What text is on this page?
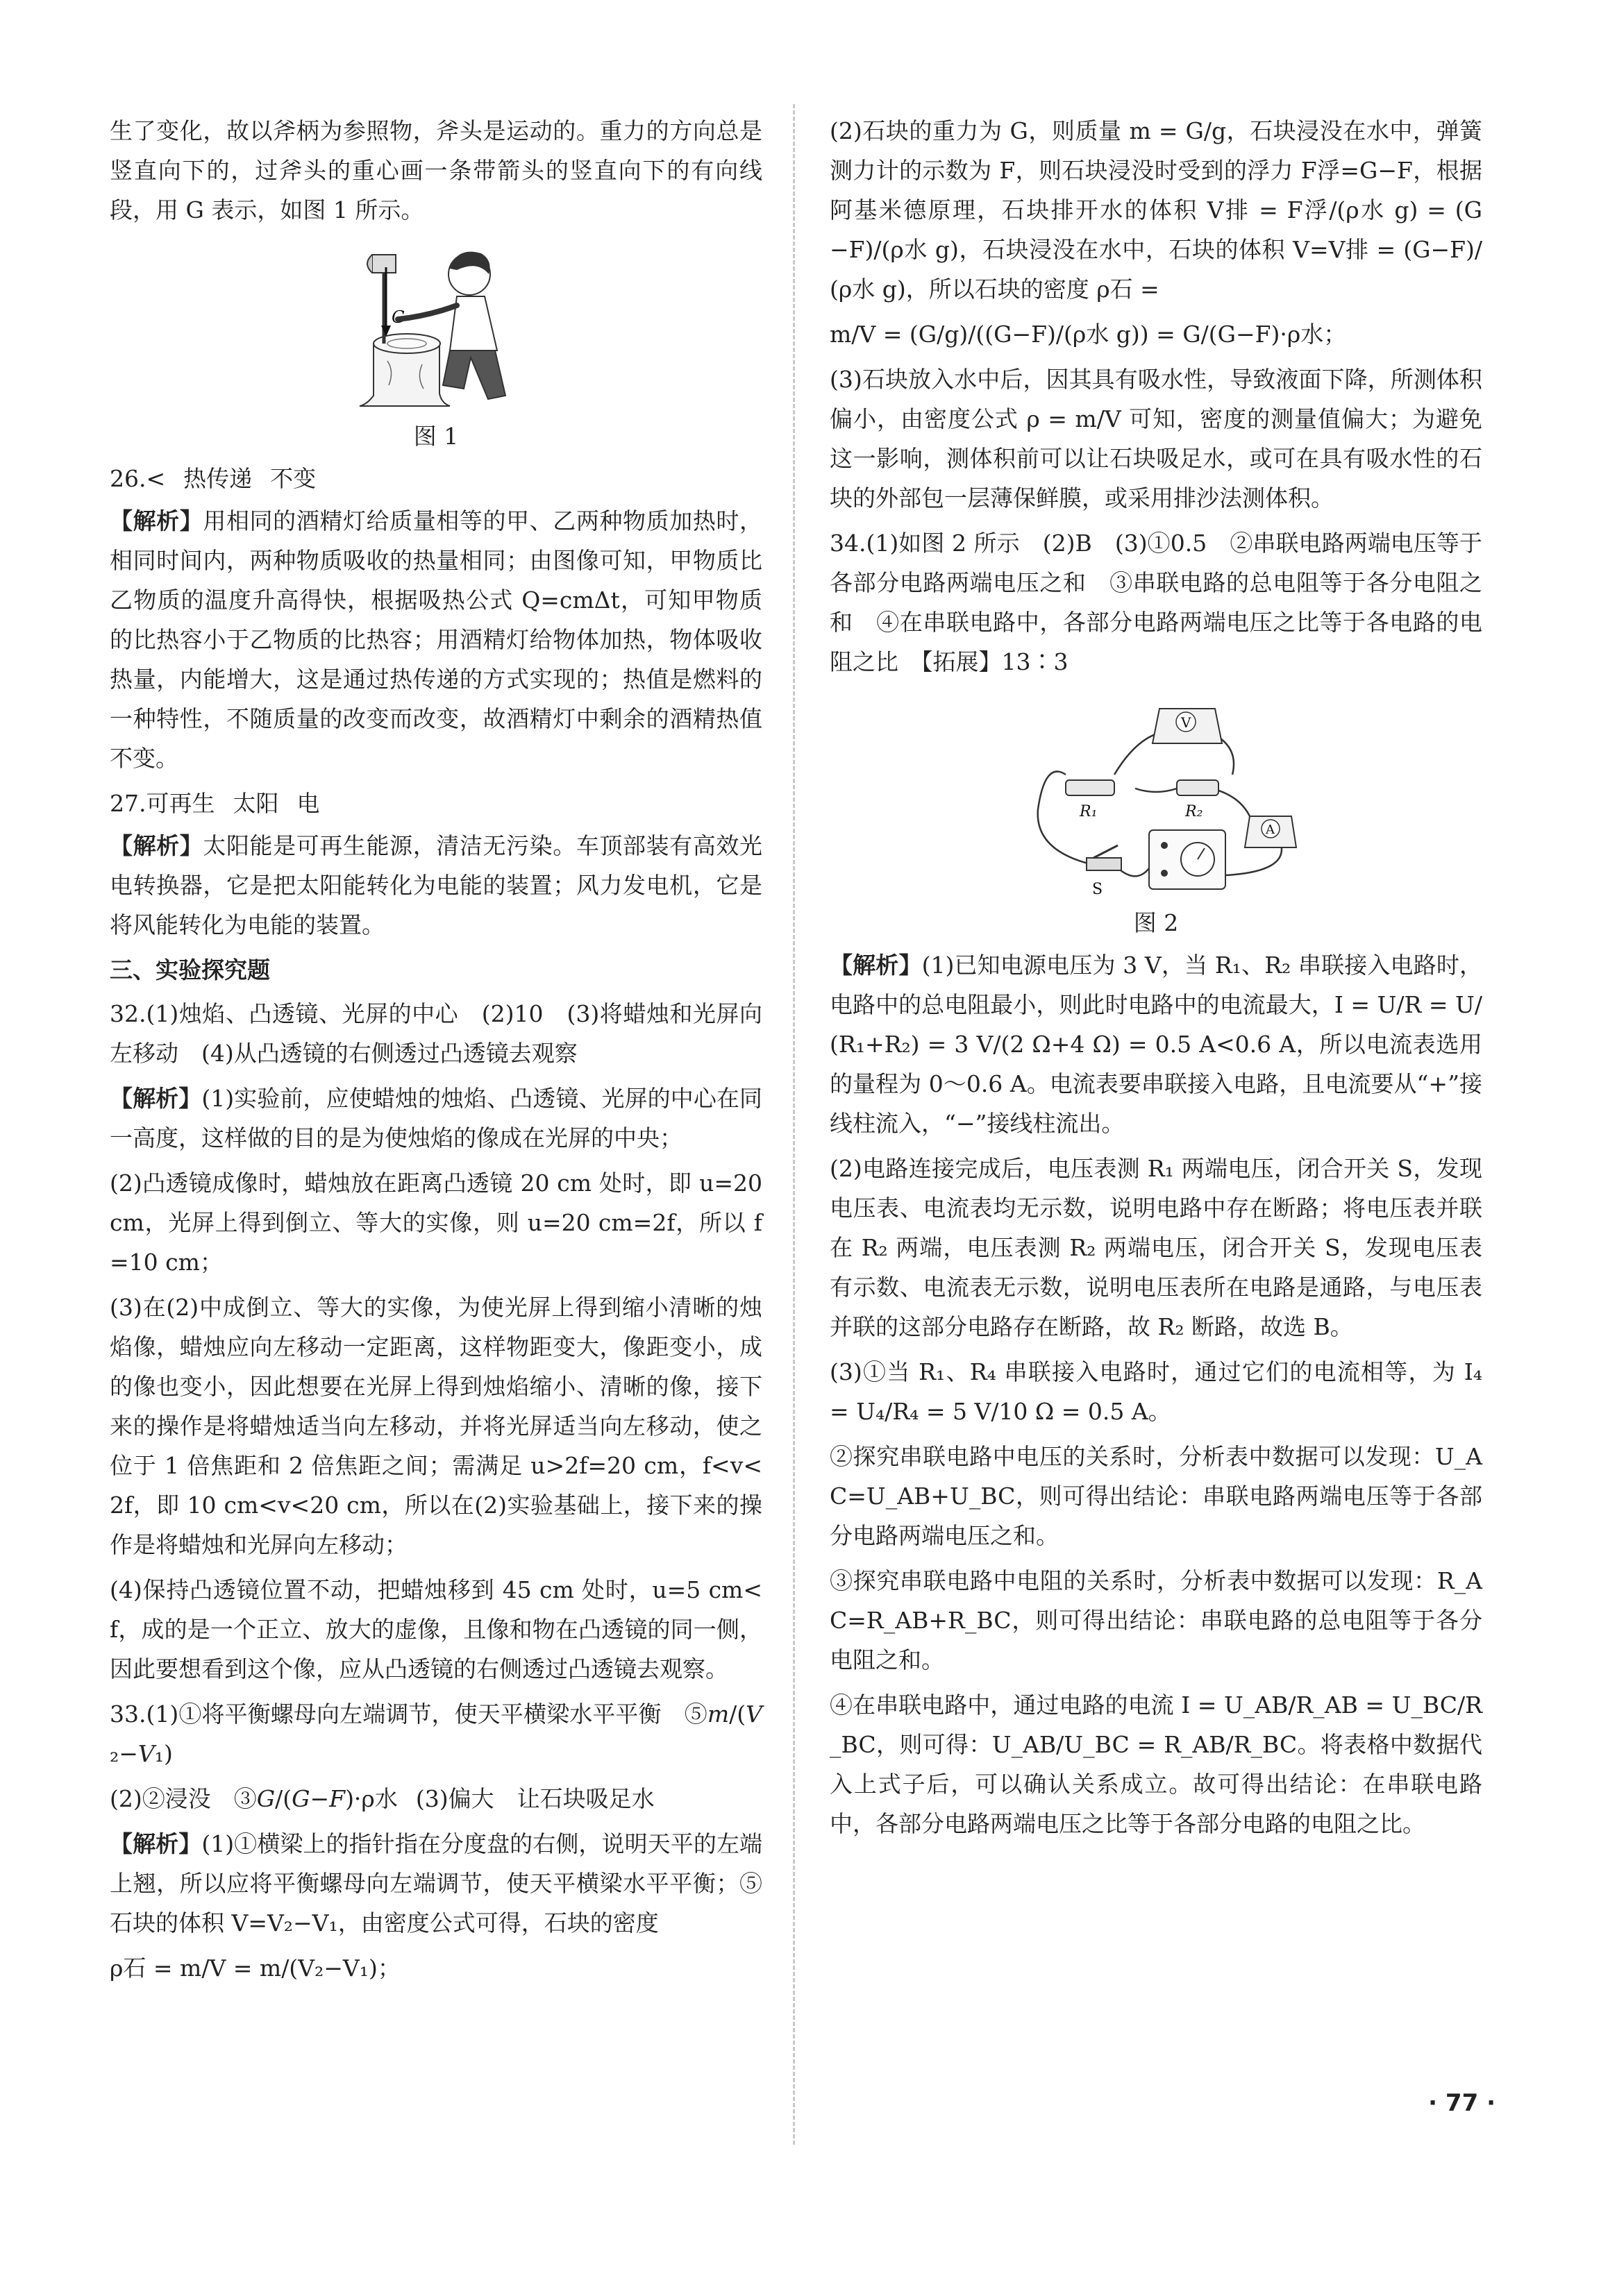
生了变化，故以斧柄为参照物，斧头是运动的。重力的方向总是竖直向下的，过斧头的重心画一条带箭头的竖直向下的有向线段，用 G 表示，如图 1 所示。

G
图 1
26.< 热传递 不变

【解析】用相同的酒精灯给质量相等的甲、乙两种物质加热时，相同时间内，两种物质吸收的热量相同；由图像可知，甲物质比乙物质的温度升高得快，根据吸热公式 Q=cmΔt，可知甲物质的比热容小于乙物质的比热容；用酒精灯给物体加热，物体吸收热量，内能增大，这是通过热传递的方式实现的；热值是燃料的一种特性，不随质量的改变而改变，故酒精灯中剩余的酒精热值不变。

27.可再生 太阳 电

【解析】太阳能是可再生能源，清洁无污染。车顶部装有高效光电转换器，它是把太阳能转化为电能的装置；风力发电机，它是将风能转化为电能的装置。

三、实验探究题

32.(1)烛焰、凸透镜、光屏的中心　(2)10　(3)将蜡烛和光屏向左移动　(4)从凸透镜的右侧透过凸透镜去观察

【解析】(1)实验前，应使蜡烛的烛焰、凸透镜、光屏的中心在同一高度，这样做的目的是为使烛焰的像成在光屏的中央；

(2)凸透镜成像时，蜡烛放在距离凸透镜 20 cm 处时，即 u=20 cm，光屏上得到倒立、等大的实像，则 u=20 cm=2f，所以 f=10 cm；

(3)在(2)中成倒立、等大的实像，为使光屏上得到缩小清晰的烛焰像，蜡烛应向左移动一定距离，这样物距变大，像距变小，成的像也变小，因此想要在光屏上得到烛焰缩小、清晰的像，接下来的操作是将蜡烛适当向左移动，并将光屏适当向左移动，使之位于 1 倍焦距和 2 倍焦距之间；需满足 u>2f=20 cm，f<v<2f，即 10 cm<v<20 cm，所以在(2)实验基础上，接下来的操作是将蜡烛和光屏向左移动；

(4)保持凸透镜位置不动，把蜡烛移到 45 cm 处时，u=5 cm<f，成的是一个正立、放大的虚像，且像和物在凸透镜的同一侧，因此要想看到这个像，应从凸透镜的右侧透过凸透镜去观察。

33.(1)①将平衡螺母向左端调节，使天平横梁水平平衡　⑤m/(V₂−V₁)

(2)②浸没　③G/(G−F)·ρ水 (3)偏大　让石块吸足水

【解析】(1)①横梁上的指针指在分度盘的右侧，说明天平的左端上翘，所以应将平衡螺母向左端调节，使天平横梁水平平衡；⑤石块的体积 V=V₂−V₁，由密度公式可得，石块的密度

ρ石 = m/V = m/(V₂−V₁)；

(2)石块的重力为 G，则质量 m = G/g，石块浸没在水中，弹簧测力计的示数为 F，则石块浸没时受到的浮力 F浮=G−F，根据阿基米德原理，石块排开水的体积 V排 = F浮/(ρ水 g) = (G−F)/(ρ水 g)，石块浸没在水中，石块的体积 V=V排 = (G−F)/(ρ水 g)，所以石块的密度 ρ石 =

m/V = (G/g)/((G−F)/(ρ水 g)) = G/(G−F)·ρ水；

(3)石块放入水中后，因其具有吸水性，导致液面下降，所测体积偏小，由密度公式 ρ = m/V 可知，密度的测量值偏大；为避免这一影响，测体积前可以让石块吸足水，或可在具有吸水性的石块的外部包一层薄保鲜膜，或采用排沙法测体积。

34.(1)如图 2 所示　(2)B　(3)①0.5　②串联电路两端电压等于各部分电路两端电压之和　③串联电路的总电阻等于各分电阻之和　④在串联电路中，各部分电路两端电压之比等于各电路的电阻之比　【拓展】13∶3

V
R₁	R₂
A
S
图 2

【解析】(1)已知电源电压为 3 V，当 R₁、R₂ 串联接入电路时，电路中的总电阻最小，则此时电路中的电流最大，I = U/R = U/(R₁+R₂) = 3 V/(2 Ω+4 Ω) = 0.5 A<0.6 A，所以电流表选用的量程为 0～0.6 A。电流表要串联接入电路，且电流要从“+”接线柱流入，“−”接线柱流出。

(2)电路连接完成后，电压表测 R₁ 两端电压，闭合开关 S，发现电压表、电流表均无示数，说明电路中存在断路；将电压表并联在 R₂ 两端，电压表测 R₂ 两端电压，闭合开关 S，发现电压表有示数、电流表无示数，说明电压表所在电路是通路，与电压表并联的这部分电路存在断路，故 R₂ 断路，故选 B。

(3)①当 R₁、R₄ 串联接入电路时，通过它们的电流相等，为 I₄ = U₄/R₄ = 5 V/10 Ω = 0.5 A。

②探究串联电路中电压的关系时，分析表中数据可以发现：U_AC=U_AB+U_BC，则可得出结论：串联电路两端电压等于各部分电路两端电压之和。

③探究串联电路中电阻的关系时，分析表中数据可以发现：R_AC=R_AB+R_BC，则可得出结论：串联电路的总电阻等于各分电阻之和。

④在串联电路中，通过电路的电流 I = U_AB/R_AB = U_BC/R_BC，则可得：U_AB/U_BC = R_AB/R_BC。将表格中数据代入上式子后，可以确认关系成立。故可得出结论：在串联电路中，各部分电路两端电压之比等于各部分电路的电阻之比。

· 77 ·
